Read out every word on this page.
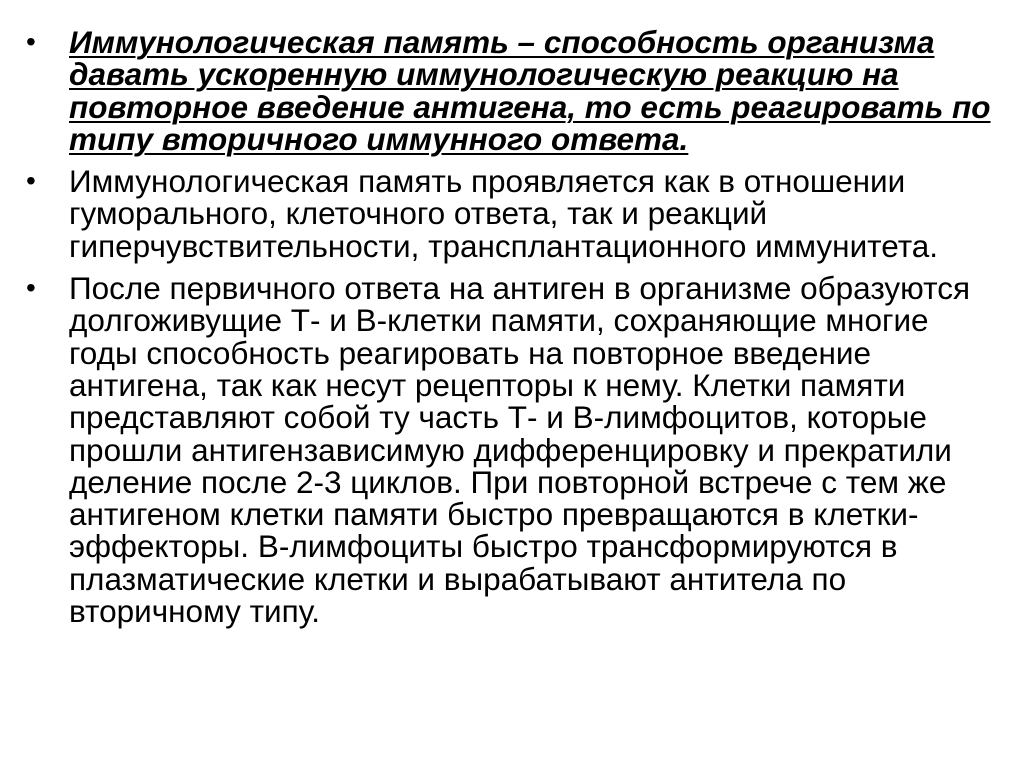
• Иммунологическая память – способность организма давать ускоренную иммунологическую реакцию на повторное введение антигена, то есть реагировать по типу вторичного иммунного ответа.
• Иммунологическая память проявляется как в отношении гуморального, клеточного ответа, так и реакций гиперчувствительности, трансплантационного иммунитета.
• После первичного ответа на антиген в организме образуются долгоживущие Т- и В-клетки памяти, сохраняющие многие годы способность реагировать на повторное введение антигена, так как несут рецепторы к нему. Клетки памяти представляют собой ту часть Т- и В-лимфоцитов, которые прошли антигензависимую дифференцировку и прекратили деление после 2-3 циклов. При повторной встрече с тем же антигеном клетки памяти быстро превращаются в клетки-эффекторы. В-лимфоциты быстро трансформируются в плазматические клетки и вырабатывают антитела по вторичному типу.
